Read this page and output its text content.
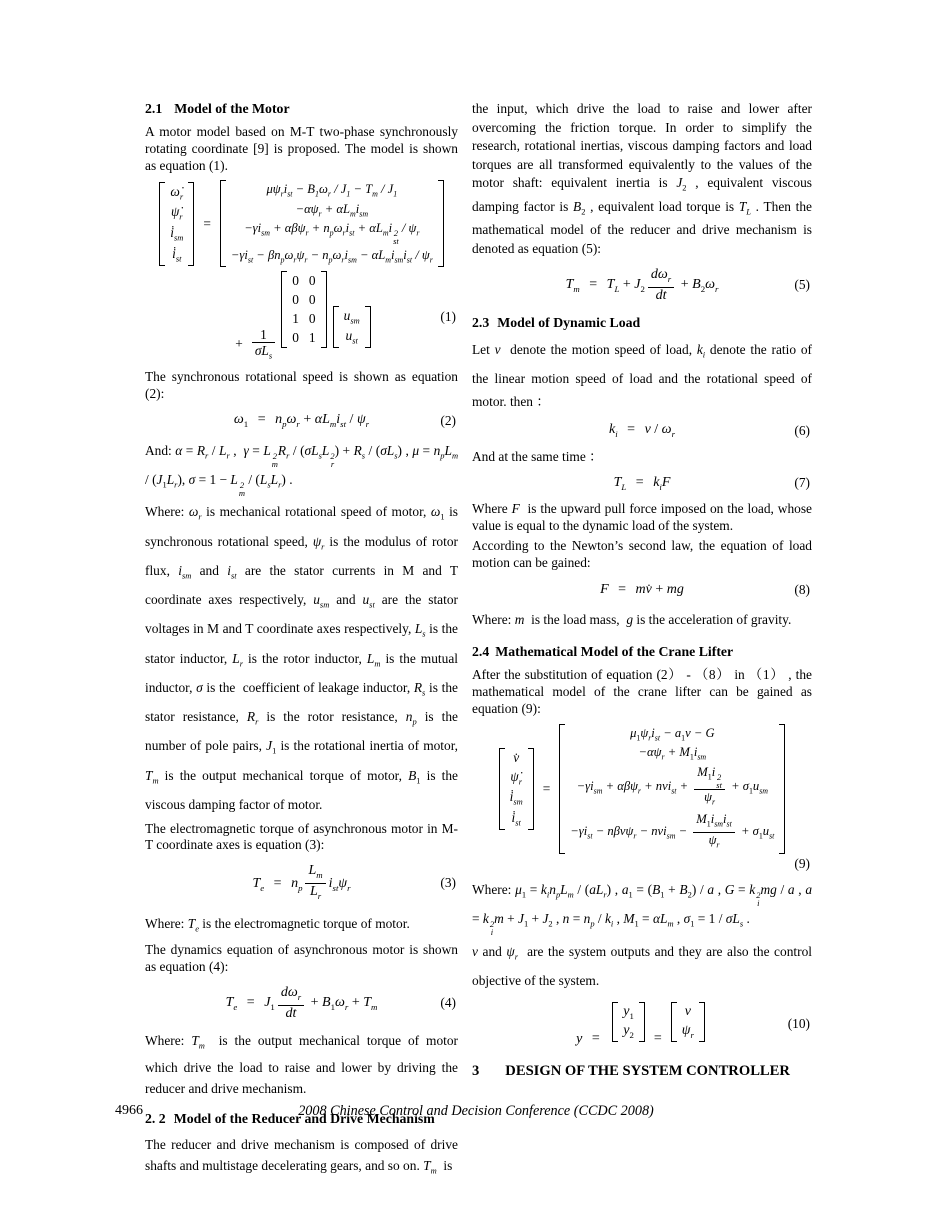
2.1 Model of the Motor

A motor model based on M-T two-phase synchronously rotating coordinate [9] is proposed. The model is shown as equation (1).

$\omegȧ_r$
$\psi̇_r$
$i̇_{sm}$
$i̇_{st}$
=
$\mu\psi_ri_{st} - B_1\omega_r / J_1 - T_m / J_1$
$-\alpha\psi_r + \alpha L_mi_{sm}$
$-\gamma i_{sm} + \alpha\beta\psi_r + n_p\omega_ri_{st} + \alpha L_mi$ 2
st
/ $\psi_r$
$-\gamma i_{st} - \beta n_p\omega_r\psi_r - n_p\omega_ri_{sm} - \alpha L_mi_{sm}i_{st} / \psi_r$
+ $\frac{1}{\sigma L_s}$
0   0
0   0
1   0
0   1
$u_{sm}$
$u_{st}$
(1)

The synchronous rotational speed is shown as equation (2):

$\omega_1 = n_p\omega_r + \alpha L_mi_{st} / \psi_r$	(2)

And: $\alpha = R_r / L_r$ ,  γ = L 2
m
$R_r / (\sigma L_sL$ 2
r
) + $R_s / (\sigma L_s)$ , $\mu = n_pL_m / (J_1L_r)$, σ = 1 − L 2
m
/ $(L_sL_r)$ .

Where: $\omega_r$ is mechanical rotational speed of motor, $\omega_1$ is synchronous rotational speed, $\psi_r$ is the modulus of rotor flux, $i_{sm}$ and $i_{st}$ are the stator currents in M and T coordinate axes respectively, $u_{sm}$ and $u_{st}$ are the stator voltages in M and T coordinate axes respectively, $L_s$ is the stator inductor, $L_r$ is the rotor inductor, $L_m$ is the mutual inductor, σ is the  coefficient of leakage inductor, $R_s$ is the stator resistance, $R_r$ is the rotor resistance, $n_p$ is the number of pole pairs, $J_1$ is the rotational inertia of motor, $T_m$ is the output mechanical torque of motor, $B_1$ is the viscous damping factor of motor.

The electromagnetic torque of asynchronous motor in M-T coordinate axes is equation (3):

$T_e = n_p \frac{L_m}{L_r} i_{st}\psi_r$	(3)

Where: $T_e$ is the electromagnetic torque of motor.

The dynamics equation of asynchronous motor is shown as equation (4):

$T_e = J_1 \frac{d\omega_r}{dt} + B_1\omega_r + T_m$	(4)

Where: $T_m$  is the output mechanical torque of motor which drive the load to raise and lower by driving the reducer and drive mechanism.

2. 2 Model of the Reducer and Drive Mechanism

The reducer and drive mechanism is composed of drive shafts and multistage decelerating gears, and so on. $T_m$  is

the input, which drive the load to raise and lower after overcoming the friction torque. In order to simplify the research, rotational inertias, viscous damping factors and load torques are all transformed equivalently to the values of the motor shaft: equivalent inertia is $J_2$ , equivalent viscous damping factor is $B_2$ , equivalent load torque is $T_L$ . Then the mathematical model of the reducer and drive mechanism is denoted as equation (5):

$T_m = T_L + J_2 \frac{d\omega_r}{dt} + B_2\omega_r$	(5)
2.3 Model of Dynamic Load

Let v  denote the motion speed of load, $k_i$ denote the ratio of the linear motion speed of load and the rotational speed of motor. then ：

$k_i = v / \omega_r$	(6)

And at the same time ：

$T_L = k_iF$	(7)

Where F  is the upward pull force imposed on the load, whose value is equal to the dynamic load of the system.

According to the Newton’s second law, the equation of load motion can be gained:

F = mv̇ + mg	(8)

Where: m  is the load mass,  g is the acceleration of gravity.

2.4 Mathematical Model of the Crane Lifter

After the substitution of equation (2） - （8） in （1） , the mathematical model of the crane lifter can be gained as equation (9):

v̇
$\psi̇_r$
$i̇_{sm}$
$i̇_{st}$
=
$\mu_1\psi_ri_{st} - a_1v - G$
$-\alpha\psi_r + M_1i_{sm}$
$-\gamma i_{sm} + \alpha\beta\psi_r + nvi_{st} + M_1i$ 2
st
$\psi_r + \sigma_1u_{sm}$
$-\gamma i_{st} - n\beta v\psi_r - nvi_{sm} - \frac{M_1i_{sm}i_{st}}{\psi_r} + \sigma_1u_{st}$
(9)

Where: $\mu_1 = k_in_pL_m / (aL_r)$ , $a_1 = (B_1 + B_2) / a$ , G = k 2
i
mg / a , a = k 2
i
$m + J_1 + J_2$ , $n = n_p / k_i$ , $M_1 = \alpha L_m$ , $\sigma_1 = 1 / \sigma L_s$ .

v and $\psi_r$  are the system outputs and they are also the control objective of the system.

y =
$y_1$
$y_2$ =
v
$\psi_r$
(10)
3 DESIGN OF THE SYSTEM CONTROLLER
4966	2008 Chinese Control and Decision Conference (CCDC 2008)
